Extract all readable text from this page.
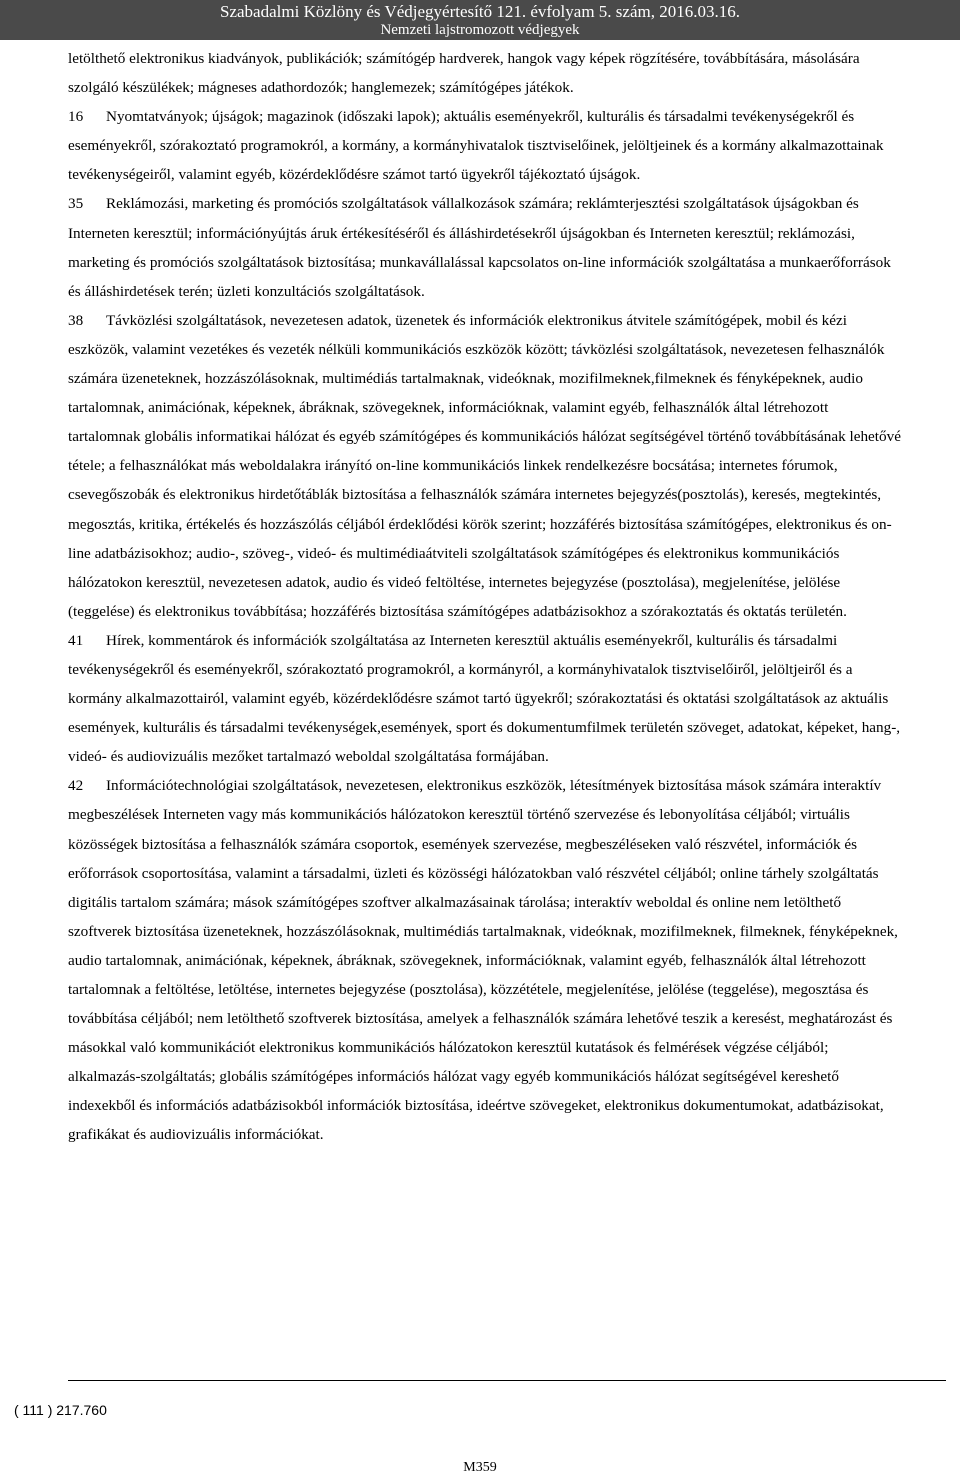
Szabadalmi Közlöny és Védjegyértesítő 121. évfolyam 5. szám, 2016.03.16.
Nemzeti lajstromozott védjegyek

letölthető elektronikus kiadványok, publikációk; számítógép hardverek, hangok vagy képek rögzítésére, továbbítására, másolására szolgáló készülékek; mágneses adathordozók; hanglemezek; számítógépes játékok.

16 Nyomtatványok; újságok; magazinok (időszaki lapok); aktuális eseményekről, kulturális és társadalmi tevékenységekről és eseményekről, szórakoztató programokról, a kormány, a kormányhivatalok tisztviselőinek, jelöltjeinek és a kormány alkalmazottainak tevékenységeiről, valamint egyéb, közérdeklődésre számot tartó ügyekről tájékoztató újságok.

35 Reklámozási, marketing és promóciós szolgáltatások vállalkozások számára; reklámterjesztési szolgáltatások újságokban és Interneten keresztül; információnyújtás áruk értékesítéséről és álláshirdetésekről újságokban és Interneten keresztül; reklámozási, marketing és promóciós szolgáltatások biztosítása; munkavállalással kapcsolatos on-line információk szolgáltatása a munkaerőforrások és álláshirdetések terén; üzleti konzultációs szolgáltatások.

38 Távközlési szolgáltatások, nevezetesen adatok, üzenetek és információk elektronikus átvitele számítógépek, mobil és kézi eszközök, valamint vezetékes és vezeték nélküli kommunikációs eszközök között; távközlési szolgáltatások, nevezetesen felhasználók számára üzeneteknek, hozzászólásoknak, multimédiás tartalmaknak, videóknak, mozifilmeknek,filmeknek és fényképeknek, audio tartalomnak, animációnak, képeknek, ábráknak, szövegeknek, információknak, valamint egyéb, felhasználók által létrehozott tartalomnak globális informatikai hálózat és egyéb számítógépes és kommunikációs hálózat segítségével történő továbbításának lehetővé tétele; a felhasználókat más weboldalakra irányító on-line kommunikációs linkek rendelkezésre bocsátása; internetes fórumok, csevegőszobák és elektronikus hirdetőtáblák biztosítása a felhasználók számára internetes bejegyzés(posztolás), keresés, megtekintés, megosztás, kritika, értékelés és hozzászólás céljából érdeklődési körök szerint; hozzáférés biztosítása számítógépes, elektronikus és on-line adatbázisokhoz; audio-, szöveg-, videó- és multimédiaátviteli szolgáltatások számítógépes és elektronikus kommunikációs hálózatokon keresztül, nevezetesen adatok, audio és videó feltöltése, internetes bejegyzése (posztolása), megjelenítése, jelölése (teggelése) és elektronikus továbbítása; hozzáférés biztosítása számítógépes adatbázisokhoz a szórakoztatás és oktatás területén.

41 Hírek, kommentárok és információk szolgáltatása az Interneten keresztül aktuális eseményekről, kulturális és társadalmi tevékenységekről és eseményekről, szórakoztató programokról, a kormányról, a kormányhivatalok tisztviselőiről, jelöltjeiről és a kormány alkalmazottairól, valamint egyéb, közérdeklődésre számot tartó ügyekről; szórakoztatási és oktatási szolgáltatások az aktuális események, kulturális és társadalmi tevékenységek,események, sport és dokumentumfilmek területén szöveget, adatokat, képeket, hang-, videó- és audiovizuális mezőket tartalmazó weboldal szolgáltatása formájában.

42 Információtechnológiai szolgáltatások, nevezetesen, elektronikus eszközök, létesítmények biztosítása mások számára interaktív megbeszélések Interneten vagy más kommunikációs hálózatokon keresztül történő szervezése és lebonyolítása céljából; virtuális közösségek biztosítása a felhasználók számára csoportok, események szervezése, megbeszéléseken való részvétel, információk és erőforrások csoportosítása, valamint a társadalmi, üzleti és közösségi hálózatokban való részvétel céljából; online tárhely szolgáltatás digitális tartalom számára; mások számítógépes szoftver alkalmazásainak tárolása; interaktív weboldal és online nem letölthető szoftverek biztosítása üzeneteknek, hozzászólásoknak, multimédiás tartalmaknak, videóknak, mozifilmeknek, filmeknek, fényképeknek, audio tartalomnak, animációnak, képeknek, ábráknak, szövegeknek, információknak, valamint egyéb, felhasználók által létrehozott tartalomnak a feltöltése, letöltése, internetes bejegyzése (posztolása), közzététele, megjelenítése, jelölése (teggelése), megosztása és továbbítása céljából; nem letölthető szoftverek biztosítása, amelyek a felhasználók számára lehetővé teszik a keresést, meghatározást és másokkal való kommunikációt elektronikus kommunikációs hálózatokon keresztül kutatások és felmérések végzése céljából; alkalmazás-szolgáltatás; globális számítógépes információs hálózat vagy egyéb kommunikációs hálózat segítségével kereshető indexekből és információs adatbázisokból információk biztosítása, ideértve szövegeket, elektronikus dokumentumokat, adatbázisokat, grafikákat és audiovizuális információkat.

( 111 ) 217.760
M359
